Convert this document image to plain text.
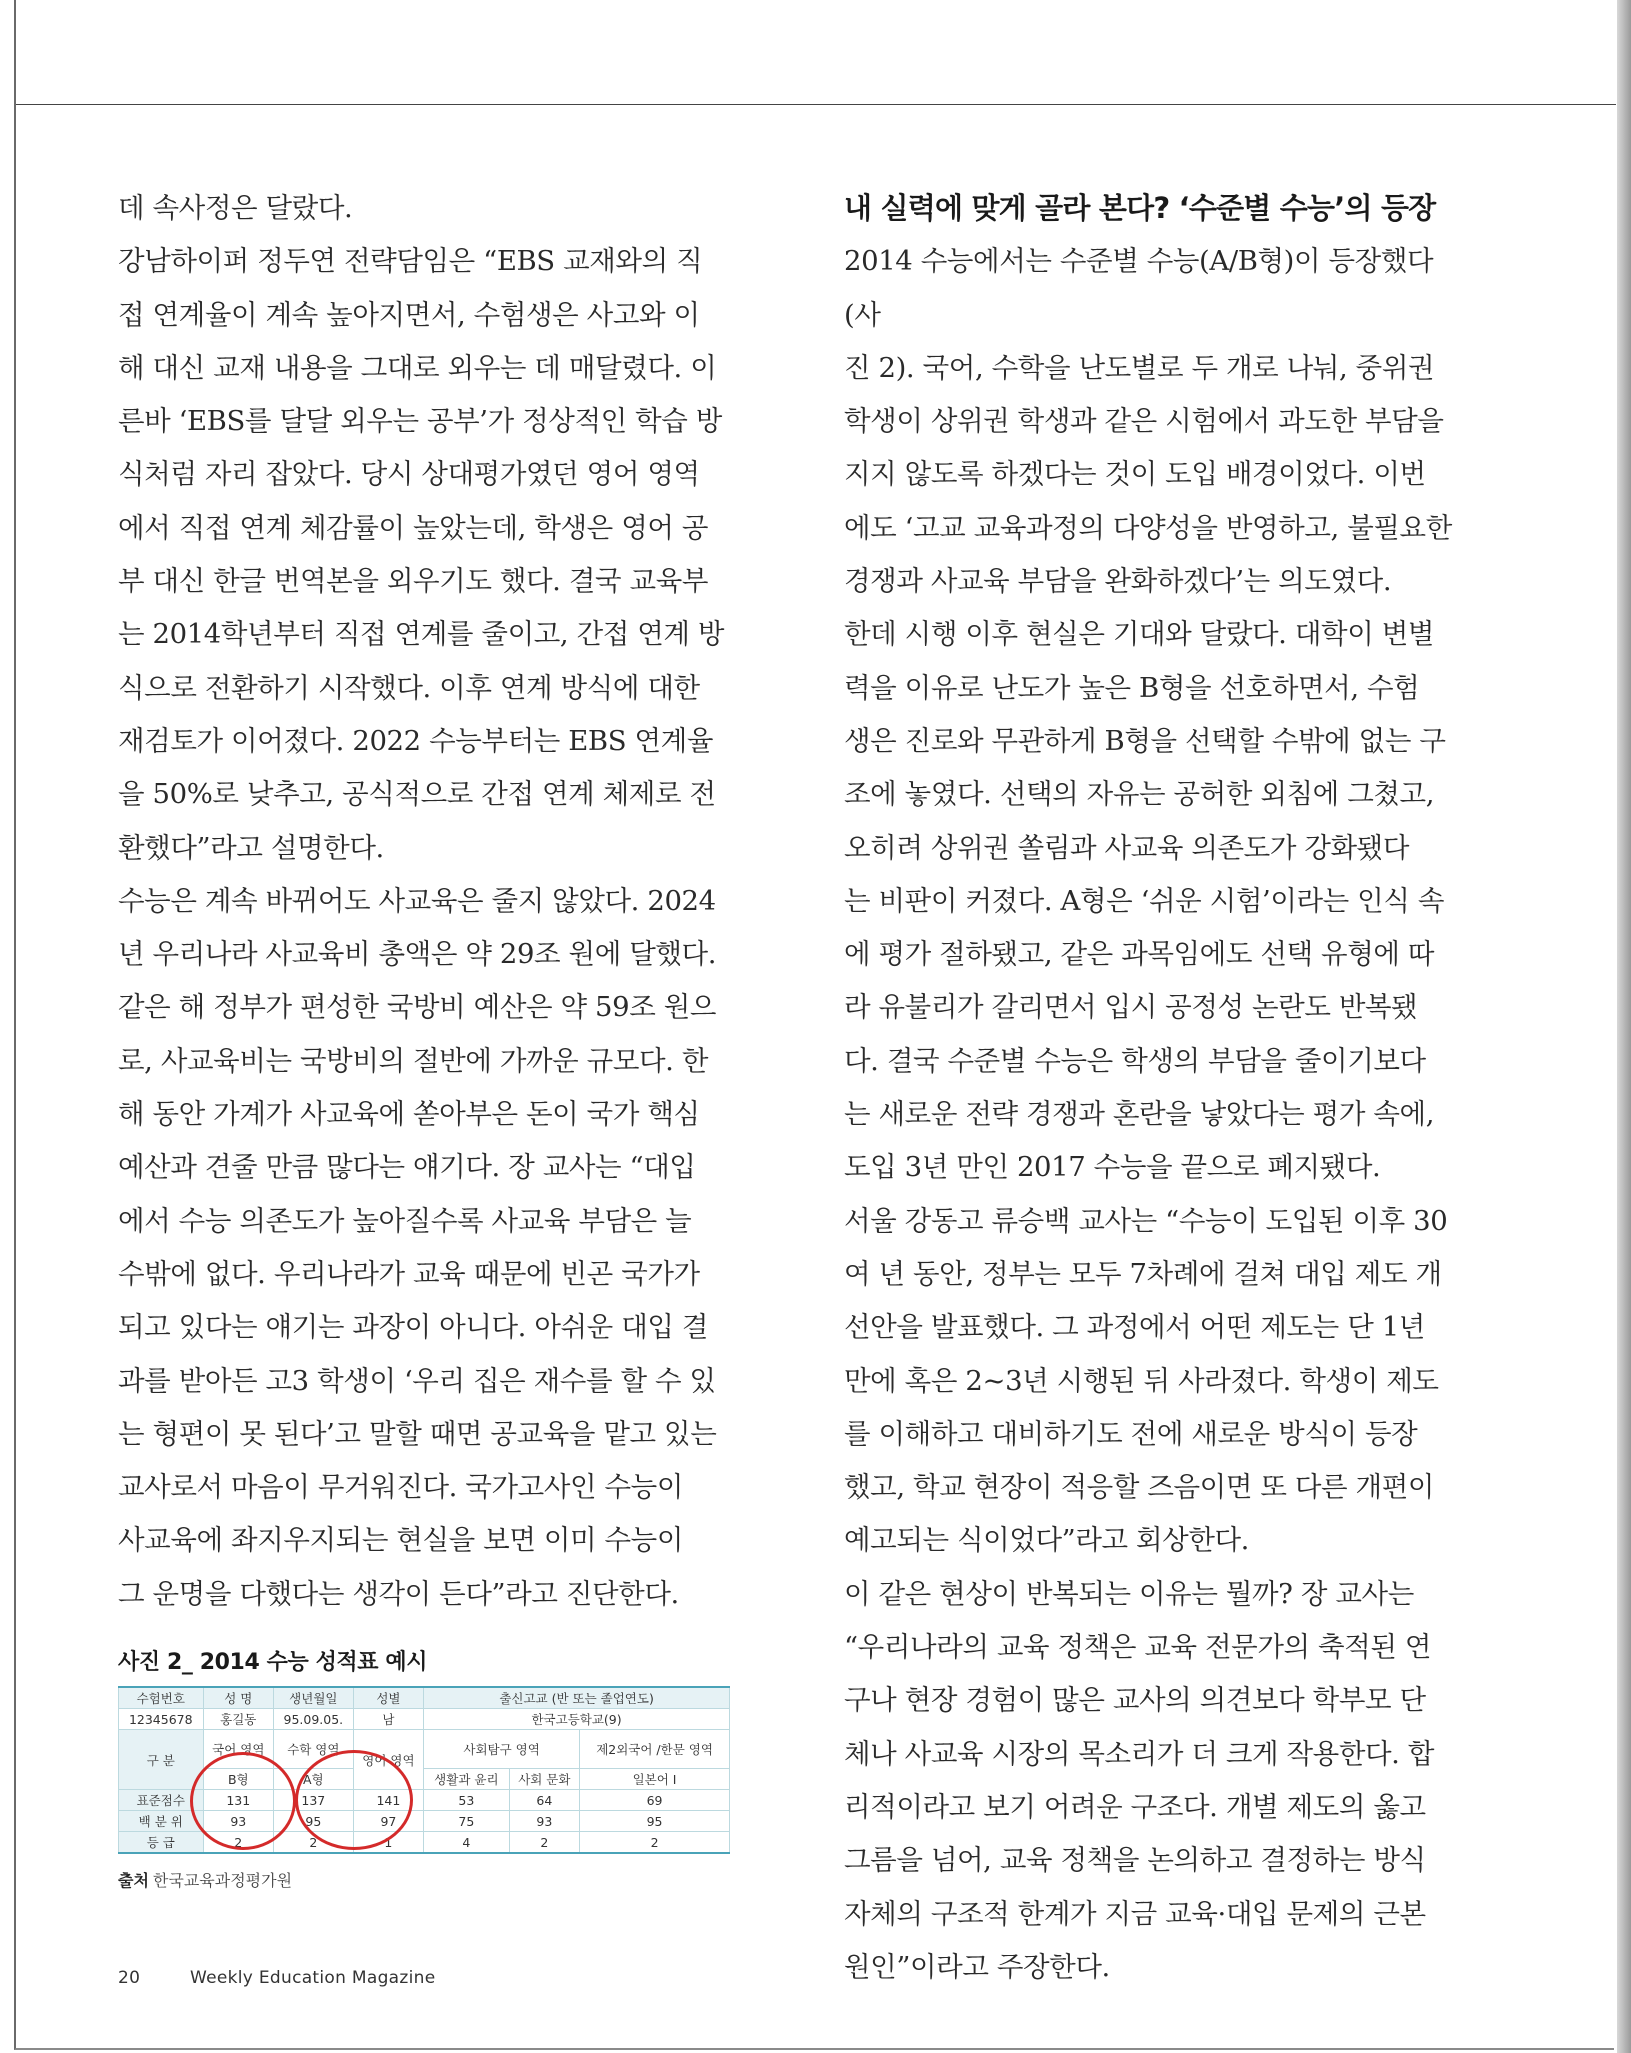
데 속사정은 달랐다.

강남하이퍼 정두연 전략담임은 “EBS 교재와의 직

접 연계율이 계속 높아지면서, 수험생은 사고와 이

해 대신 교재 내용을 그대로 외우는 데 매달렸다. 이

른바 ‘EBS를 달달 외우는 공부’가 정상적인 학습 방

식처럼 자리 잡았다. 당시 상대평가였던 영어 영역

에서 직접 연계 체감률이 높았는데, 학생은 영어 공

부 대신 한글 번역본을 외우기도 했다. 결국 교육부

는 2014학년부터 직접 연계를 줄이고, 간접 연계 방

식으로 전환하기 시작했다. 이후 연계 방식에 대한

재검토가 이어졌다. 2022 수능부터는 EBS 연계율

을 50%로 낮추고, 공식적으로 간접 연계 체제로 전

환했다”라고 설명한다.

수능은 계속 바뀌어도 사교육은 줄지 않았다. 2024

년 우리나라 사교육비 총액은 약 29조 원에 달했다.

같은 해 정부가 편성한 국방비 예산은 약 59조 원으

로, 사교육비는 국방비의 절반에 가까운 규모다. 한

해 동안 가계가 사교육에 쏟아부은 돈이 국가 핵심

예산과 견줄 만큼 많다는 얘기다. 장 교사는 “대입

에서 수능 의존도가 높아질수록 사교육 부담은 늘

수밖에 없다. 우리나라가 교육 때문에 빈곤 국가가

되고 있다는 얘기는 과장이 아니다. 아쉬운 대입 결

과를 받아든 고3 학생이 ‘우리 집은 재수를 할 수 있

는 형편이 못 된다’고 말할 때면 공교육을 맡고 있는

교사로서 마음이 무거워진다. 국가고사인 수능이

사교육에 좌지우지되는 현실을 보면 이미 수능이

그 운명을 다했다는 생각이 든다”라고 진단한다.

내 실력에 맞게 골라 본다? ‘수준별 수능’의 등장

2014 수능에서는 수준별 수능(A/B형)이 등장했다(사

진 2). 국어, 수학을 난도별로 두 개로 나눠, 중위권

학생이 상위권 학생과 같은 시험에서 과도한 부담을

지지 않도록 하겠다는 것이 도입 배경이었다. 이번

에도 ‘고교 교육과정의 다양성을 반영하고, 불필요한

경쟁과 사교육 부담을 완화하겠다’는 의도였다.

한데 시행 이후 현실은 기대와 달랐다. 대학이 변별

력을 이유로 난도가 높은 B형을 선호하면서, 수험

생은 진로와 무관하게 B형을 선택할 수밖에 없는 구

조에 놓였다. 선택의 자유는 공허한 외침에 그쳤고,

오히려 상위권 쏠림과 사교육 의존도가 강화됐다

는 비판이 커졌다. A형은 ‘쉬운 시험’이라는 인식 속

에 평가 절하됐고, 같은 과목임에도 선택 유형에 따

라 유불리가 갈리면서 입시 공정성 논란도 반복됐

다. 결국 수준별 수능은 학생의 부담을 줄이기보다

는 새로운 전략 경쟁과 혼란을 낳았다는 평가 속에,

도입 3년 만인 2017 수능을 끝으로 폐지됐다.

서울 강동고 류승백 교사는 “수능이 도입된 이후 30

여 년 동안, 정부는 모두 7차례에 걸쳐 대입 제도 개

선안을 발표했다. 그 과정에서 어떤 제도는 단 1년

만에 혹은 2~3년 시행된 뒤 사라졌다. 학생이 제도

를 이해하고 대비하기도 전에 새로운 방식이 등장

했고, 학교 현장이 적응할 즈음이면 또 다른 개편이

예고되는 식이었다”라고 회상한다.

이 같은 현상이 반복되는 이유는 뭘까? 장 교사는

“우리나라의 교육 정책은 교육 전문가의 축적된 연

구나 현장 경험이 많은 교사의 의견보다 학부모 단

체나 사교육 시장의 목소리가 더 크게 작용한다. 합

리적이라고 보기 어려운 구조다. 개별 제도의 옳고

그름을 넘어, 교육 정책을 논의하고 결정하는 방식

자체의 구조적 한계가 지금 교육·대입 문제의 근본

원인”이라고 주장한다.

사진 2_ 2014 수능 성적표 예시
수험번호	성 명	생년월일	성별	출신고교 (반 또는 졸업연도)		
12345678	홍길동	95.09.05.	남	한국고등학교(9)		
구 분	국어 영역	수학 영역	영어 영역	사회탐구 영역		제2외국어 /한문 영역
	B형	A형		생활과 윤리	사회 문화	일본어 Ⅰ
표준점수	131	137	141	53	64	69
백 분 위	93	95	97	75	93	95
등 급	2	2	1	4	2	2
출처 한국교육과정평가원
20	Weekly Education Magazine
